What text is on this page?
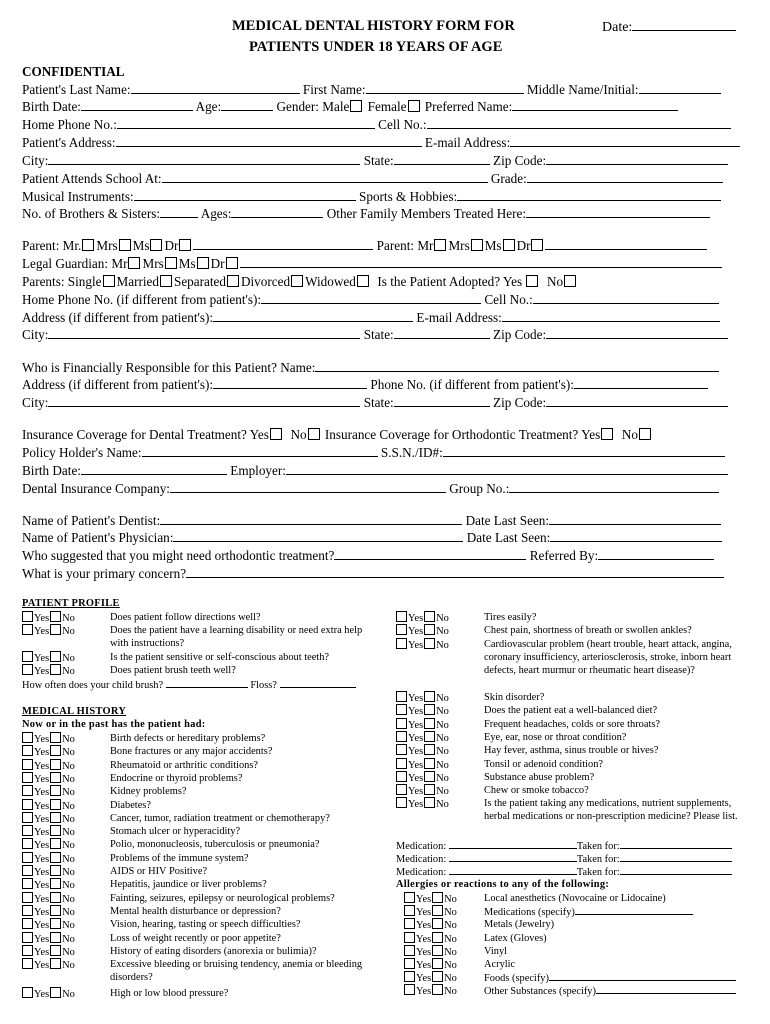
MEDICAL DENTAL HISTORY FORM FOR
PATIENTS UNDER 18 YEARS OF AGE
Date:
CONFIDENTIAL
Patient's Last Name:	First Name:	Middle Name/Initial:
Birth Date:	Age:	Gender: Male Female Preferred Name:
Home Phone No.:	Cell No.:
Patient's Address:	E-mail Address:
City:	State:	Zip Code:
Patient Attends School At:	Grade:
Musical Instruments:	Sports & Hobbies:
No. of Brothers & Sisters:	Ages:	Other Family Members Treated Here:
Parent: Mr. Mrs Ms Dr	Parent: Mr Mrs Ms Dr
Legal Guardian: Mr Mrs Ms Dr
Parents: Single Married Separated Divorced Widowed Is the Patient Adopted? Yes No
Home Phone No. (if different from patient's):	Cell No.:
Address (if different from patient's):	E-mail Address:
City:	State:	Zip Code:
Who is Financially Responsible for this Patient? Name:
Address (if different from patient's):	Phone No. (if different from patient's):
City:	State:	Zip Code:
Insurance Coverage for Dental Treatment? Yes No Insurance Coverage for Orthodontic Treatment? Yes No
Policy Holder's Name:	S.S.N./ID#:
Birth Date:	Employer:
Dental Insurance Company:	Group No.:
Name of Patient's Dentist:	Date Last Seen:
Name of Patient's Physician:	Date Last Seen:
Who suggested that you might need orthodontic treatment?	Referred By:
What is your primary concern?
PATIENT PROFILE
How often does your child brush?	Floss?
MEDICAL HISTORY
Now or in the past has the patient had:
Allergies or reactions to any of the following:
Yes No	Does patient follow directions well?
Yes No	Does the patient have a learning disability or need extra help with instructions?
Yes No	Is the patient sensitive or self-conscious about teeth?
Yes No	Does patient brush teeth well?
Yes No	Birth defects or hereditary problems?
Yes No	Bone fractures or any major accidents?
Yes No	Rheumatoid or arthritic conditions?
Yes No	Endocrine or thyroid problems?
Yes No	Kidney problems?
Yes No	Diabetes?
Yes No	Cancer, tumor, radiation treatment or chemotherapy?
Yes No	Stomach ulcer or hyperacidity?
Yes No	Polio, mononucleosis, tuberculosis or pneumonia?
Yes No	Problems of the immune system?
Yes No	AIDS or HIV Positive?
Yes No	Hepatitis, jaundice or liver problems?
Yes No	Fainting, seizures, epilepsy or neurological problems?
Yes No	Mental health disturbance or depression?
Yes No	Vision, hearing, tasting or speech difficulties?
Yes No	Loss of weight recently or poor appetite?
Yes No	History of eating disorders (anorexia or bulimia)?
Yes No	Excessive bleeding or bruising tendency, anemia or bleeding disorders?
Yes No	High or low blood pressure?
Yes No	Tires easily?
Yes No	Chest pain, shortness of breath or swollen ankles?
Yes No	Cardiovascular problem (heart trouble, heart attack, angina, coronary insufficiency, arteriosclerosis, stroke, inborn heart defects, heart murmur or rheumatic heart disease)?
Yes No	Skin disorder?
Yes No	Does the patient eat a well-balanced diet?
Yes No	Frequent headaches, colds or sore throats?
Yes No	Eye, ear, nose or throat condition?
Yes No	Hay fever, asthma, sinus trouble or hives?
Yes No	Tonsil or adenoid condition?
Yes No	Substance abuse problem?
Yes No	Chew or smoke tobacco?
Yes No	Is the patient taking any medications, nutrient supplements, herbal medications or non-prescription medicine? Please list.
Medication:	Taken for:
Medication:	Taken for:
Medication:	Taken for:
Yes No	Local anesthetics (Novocaine or Lidocaine)
Yes No	Medications (specify)
Yes No	Metals (Jewelry)
Yes No	Latex (Gloves)
Yes No	Vinyl
Yes No	Acrylic
Yes No	Foods (specify)
Yes No	Other Substances (specify)
